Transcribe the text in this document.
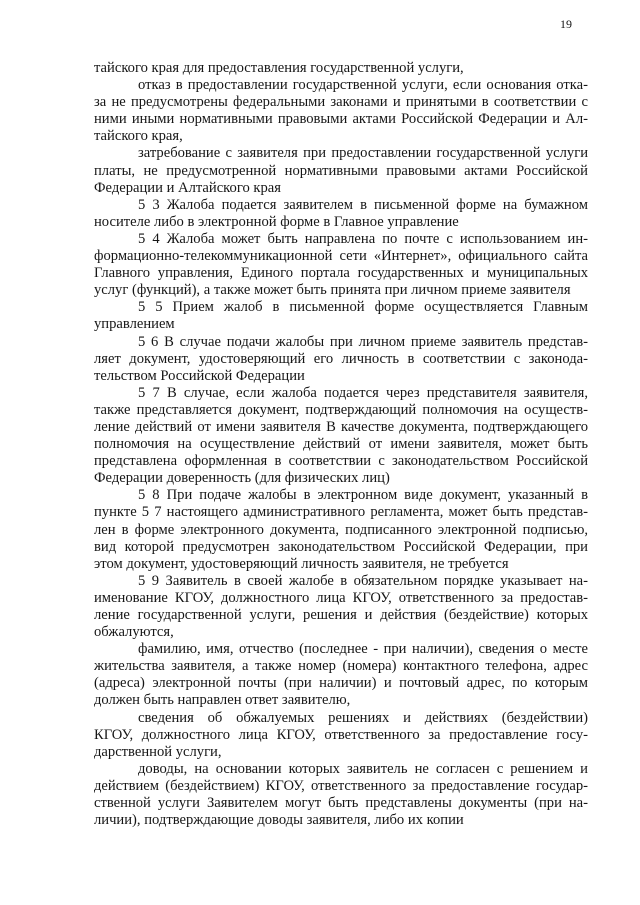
19
тайского края для предоставления государственной услуги,
отказ в предоставлении государственной услуги, если основания отка-
за не предусмотрены федеральными законами и принятыми в соответствии с
ними иными нормативными правовыми актами Российской Федерации и Ал-
тайского края,
затребование с заявителя при предоставлении государственной услуги
платы, не предусмотренной нормативными правовыми актами Российской
Федерации и Алтайского края
5 3 Жалоба подается заявителем в письменной форме на бумажном
носителе либо в электронной форме в Главное управление
5 4 Жалоба может быть направлена по почте с использованием ин-
формационно-телекоммуникационной сети «Интернет», официального сайта
Главного управления, Единого портала государственных и муниципальных
услуг (функций), а также может быть принята при личном приеме заявителя
5 5 Прием жалоб в письменной форме осуществляется Главным
управлением
5 6 В случае подачи жалобы при личном приеме заявитель представ-
ляет документ, удостоверяющий его личность в соответствии с законода-
тельством Российской Федерации
5 7 В случае, если жалоба подается через представителя заявителя,
также представляется документ, подтверждающий полномочия на осуществ-
ление действий от имени заявителя В качестве документа, подтверждающего
полномочия на осуществление действий от имени заявителя, может быть
представлена оформленная в соответствии с законодательством Российской
Федерации доверенность (для физических лиц)
5 8 При подаче жалобы в электронном виде документ, указанный в
пункте 5 7 настоящего административного регламента, может быть представ-
лен в форме электронного документа, подписанного электронной подписью,
вид которой предусмотрен законодательством Российской Федерации, при
этом документ, удостоверяющий личность заявителя, не требуется
5 9 Заявитель в своей жалобе в обязательном порядке указывает на-
именование КГОУ, должностного лица КГОУ, ответственного за предостав-
ление государственной услуги, решения и действия (бездействие) которых
обжалуются,
фамилию, имя, отчество (последнее - при наличии), сведения о месте
жительства заявителя, а также номер (номера) контактного телефона, адрес
(адреса) электронной почты (при наличии) и почтовый адрес, по которым
должен быть направлен ответ заявителю,
сведения об обжалуемых решениях и действиях (бездействии)
КГОУ, должностного лица КГОУ, ответственного за предоставление госу-
дарственной услуги,
доводы, на основании которых заявитель не согласен с решением и
действием (бездействием) КГОУ, ответственного за предоставление государ-
ственной услуги Заявителем могут быть представлены документы (при на-
личии), подтверждающие доводы заявителя, либо их копии
